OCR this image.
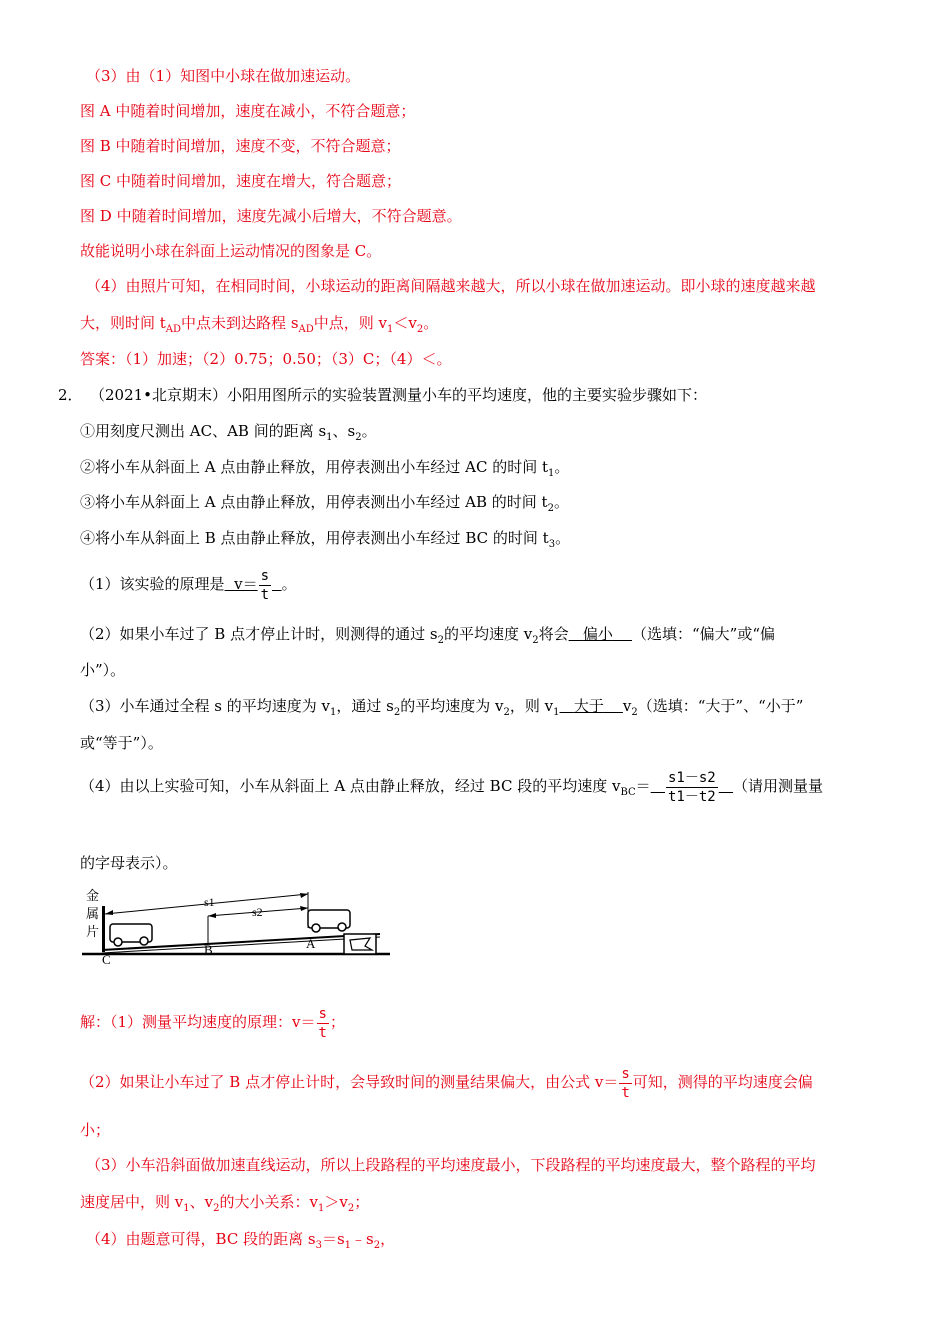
（3）由（1）知图中小球在做加速运动。
图 A 中随着时间增加，速度在减小，不符合题意；
图 B 中随着时间增加，速度不变，不符合题意；
图 C 中随着时间增加，速度在增大，符合题意；
图 D 中随着时间增加，速度先减小后增大，不符合题意。
故能说明小球在斜面上运动情况的图象是 C。
（4）由照片可知，在相同时间，小球运动的距离间隔越来越大，所以小球在做加速运动。即小球的速度越来越
大，则时间 $t_{AD}$中点未到达路程 $s_{AD}$中点，则 $v_1<v_2$。
答案：（1）加速；（2）0.75；0.50；（3）C；（4）＜。
2． （2021•北京期末）小阳用图所示的实验装置测量小车的平均速度，他的主要实验步骤如下：
①用刻度尺测出 AC、AB 间的距离 $s_1$、$s_2$。
②将小车从斜面上 A 点由静止释放，用停表测出小车经过 AC 的时间 $t_1$。
③将小车从斜面上 A 点由静止释放，用停表测出小车经过 AB 的时间 $t_2$。
④将小车从斜面上 B 点由静止释放，用停表测出小车经过 BC 的时间 $t_3$。
（1）该实验的原理是 $v= \frac{s}{t}$ 。
（2）如果小车过了 B 点才停止计时，则测得的通过 $s_2$的平均速度 $v_2$将会 偏小 （选填：“偏大”或“偏
小”）。
（3）小车通过全程 s 的平均速度为 $v_1$，通过 $s_2$的平均速度为 $v_2$，则 $v_1$ 大于 $v_2$（选填：“大于”、“小于”
或“等于”）。
（4）由以上实验可知，小车从斜面上 A 点由静止释放，经过 BC 段的平均速度 $v_{BC}= \frac{s1-s2}{t1-t2}$ （请用测量量
的字母表示）。
金
属
片
s1
s2
A
B
C
解：（1）测量平均速度的原理：$v= \frac{s}{t}$ ；
（2）如果让小车过了 B 点才停止计时，会导致时间的测量结果偏大，由公式 $v= \frac{s}{t}$ 可知，测得的平均速度会偏
小；
（3）小车沿斜面做加速直线运动，所以上段路程的平均速度最小，下段路程的平均速度最大，整个路程的平均
速度居中，则 $v_1$、$v_2$的大小关系：$v_1>v_2$；
（4）由题意可得，BC 段的距离 $s_3=s_1﹣s_2$，
